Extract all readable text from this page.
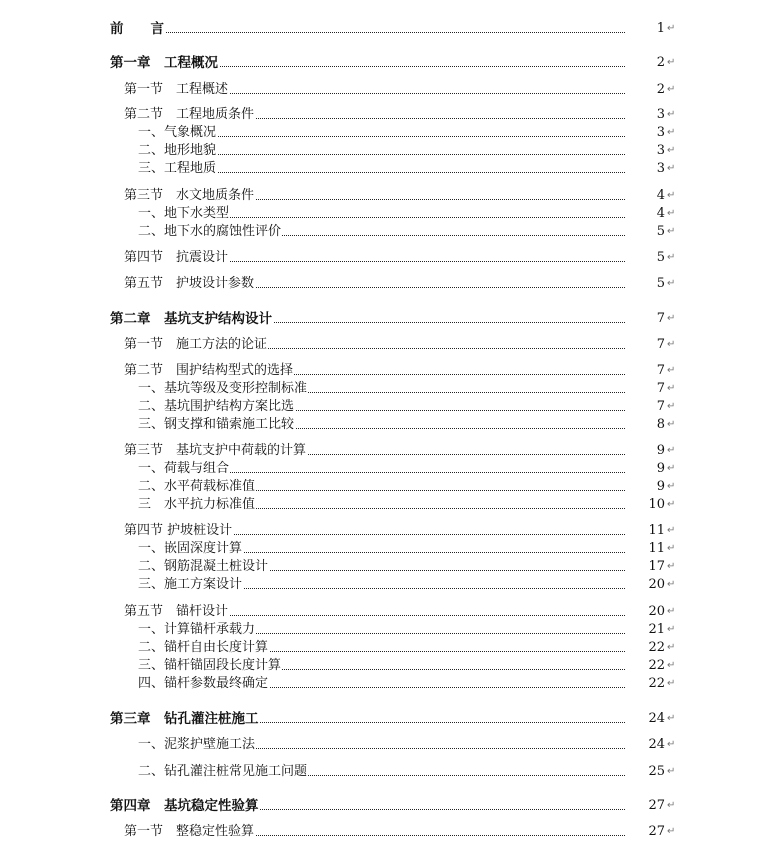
前　　言	1 ↵
第一章　工程概况	2 ↵
第一节　工程概述	2 ↵
第二节　工程地质条件	3 ↵
一、气象概况	3 ↵
二、地形地貌	3 ↵
三、工程地质	3 ↵
第三节　水文地质条件	4 ↵
一、地下水类型	4 ↵
二、地下水的腐蚀性评价	5 ↵
第四节　抗震设计	5 ↵
第五节　护坡设计参数	5 ↵
第二章　基坑支护结构设计	7 ↵
第一节　施工方法的论证	7 ↵
第二节　围护结构型式的选择	7 ↵
一、基坑等级及变形控制标准	7 ↵
二、基坑围护结构方案比选	7 ↵
三、钢支撑和锚索施工比较	8 ↵
第三节　基坑支护中荷载的计算	9 ↵
一、荷载与组合	9 ↵
二、水平荷载标准值	9 ↵
三　水平抗力标准值	10 ↵
第四节 护坡桩设计	11 ↵
一、嵌固深度计算	11 ↵
二、钢筋混凝土桩设计	17 ↵
三、施工方案设计	20 ↵
第五节　锚杆设计	20 ↵
一、计算锚杆承载力	21 ↵
二、锚杆自由长度计算	22 ↵
三、锚杆锚固段长度计算	22 ↵
四、锚杆参数最终确定	22 ↵
第三章　钻孔灌注桩施工	24 ↵
一、泥浆护壁施工法	24 ↵
二、钻孔灌注桩常见施工问题	25 ↵
第四章　基坑稳定性验算	27 ↵
第一节　整稳定性验算	27 ↵
